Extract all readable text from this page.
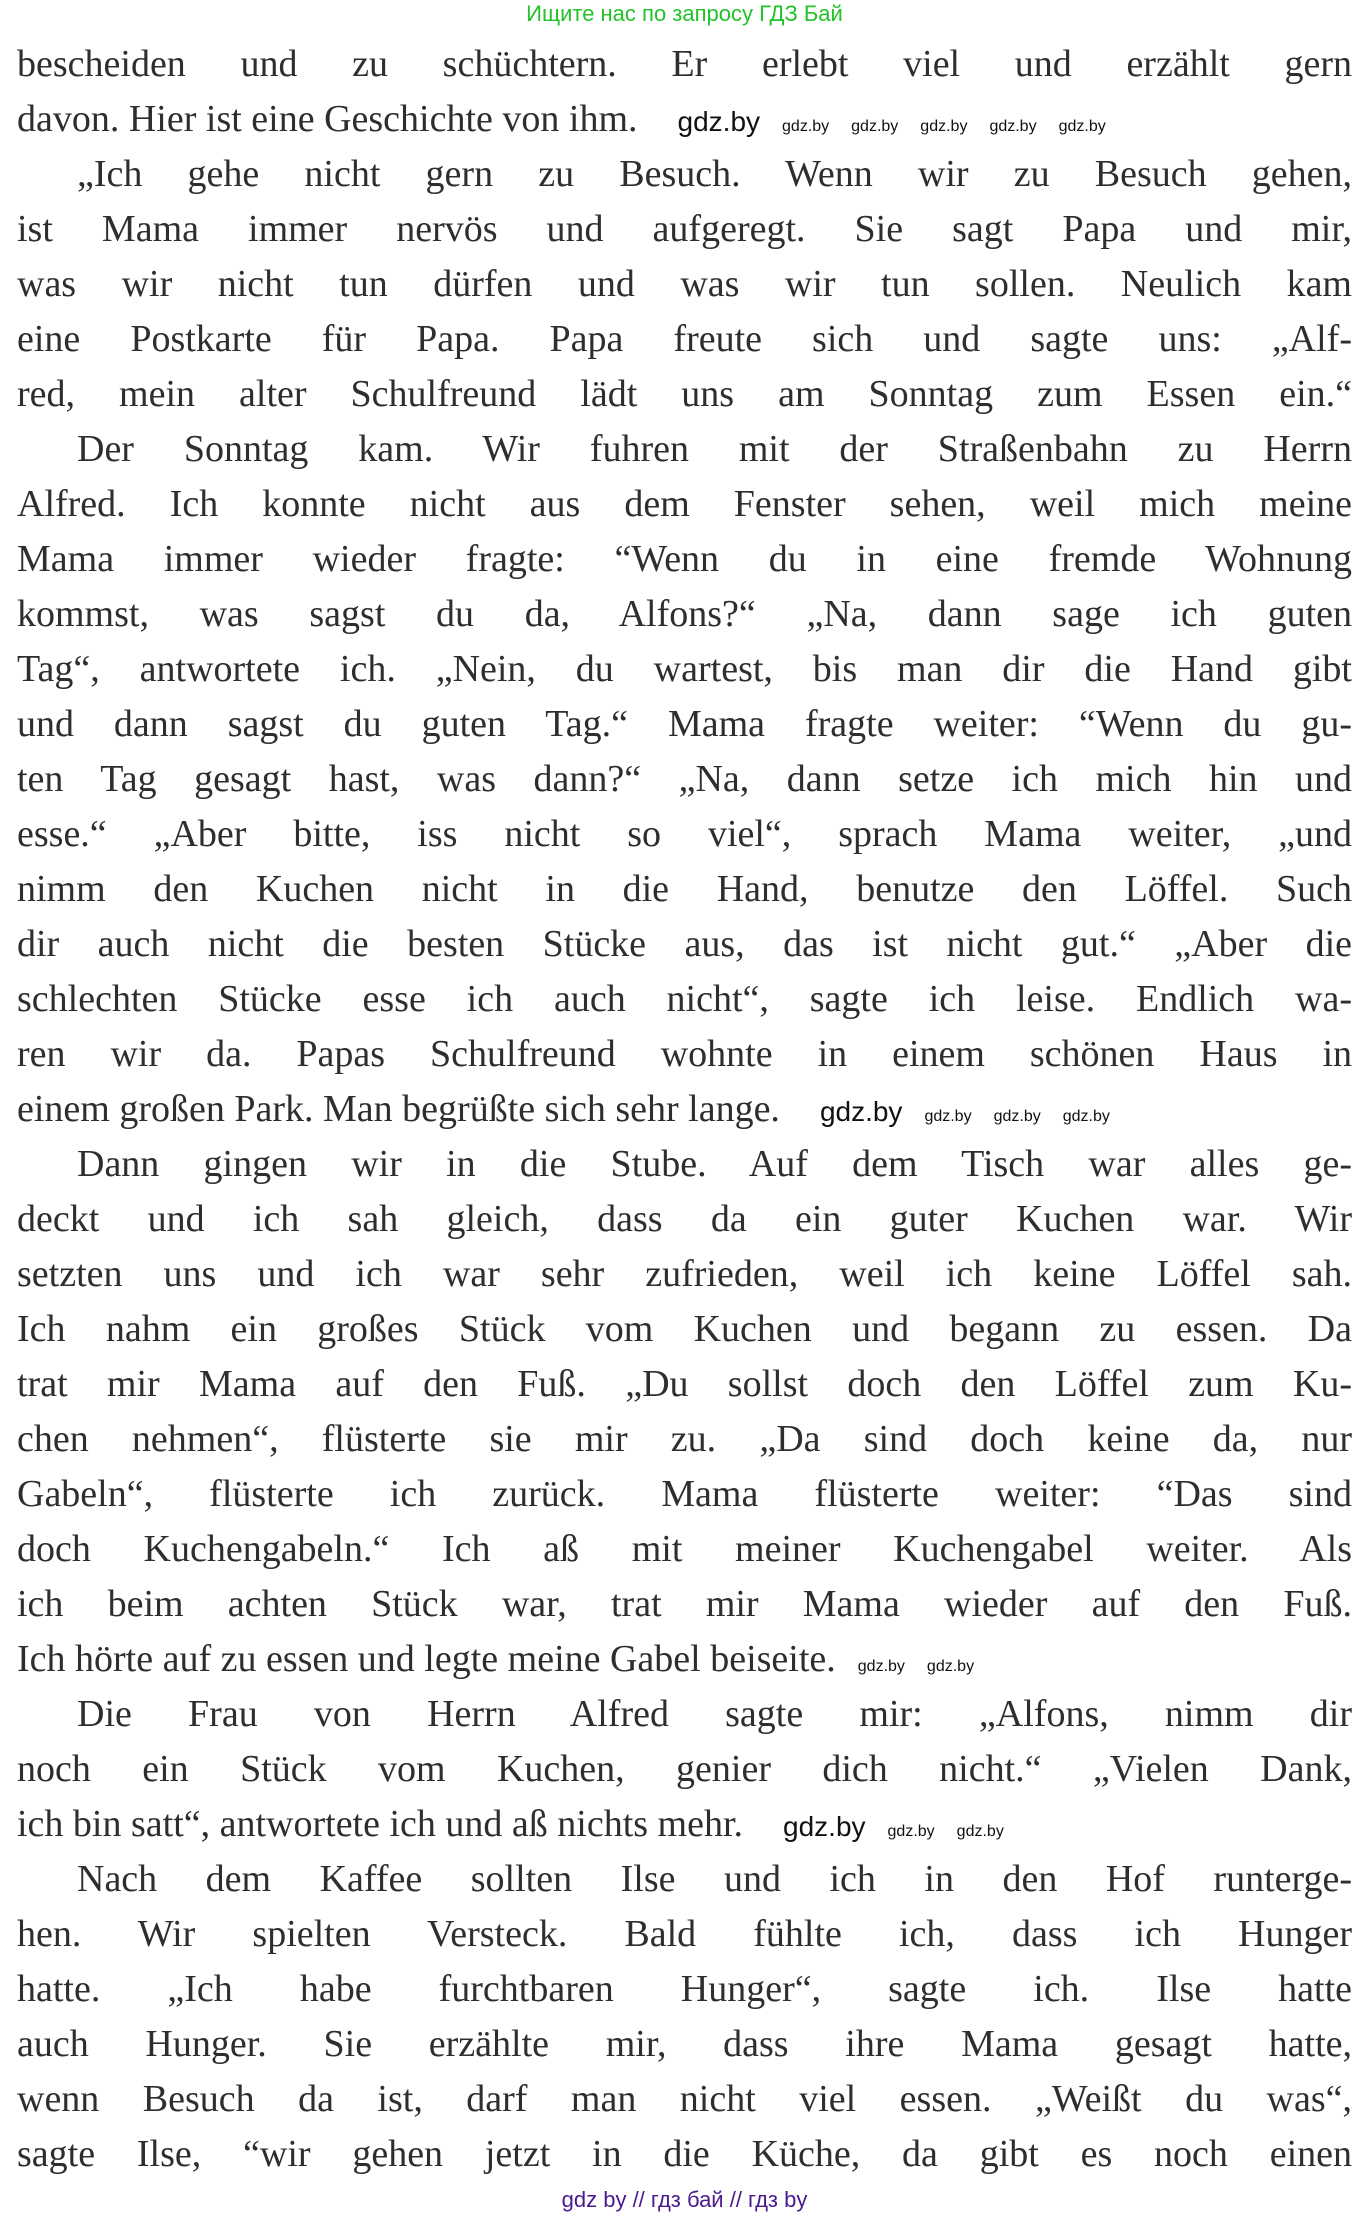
Ищите нас по запросу ГДЗ Бай
bescheiden und zu schüchtern. Er erlebt viel und erzählt gern
davon. Hier ist eine Geschichte von ihm. gdz.by gdz.by gdz.by gdz.by gdz.by gdz.by
„Ich gehe nicht gern zu Besuch. Wenn wir zu Besuch gehen,
ist Mama immer nervös und aufgeregt. Sie sagt Papa und mir,
was wir nicht tun dürfen und was wir tun sollen. Neulich kam
eine Postkarte für Papa. Papa freute sich und sagte uns: „Alf-
red, mein alter Schulfreund lädt uns am Sonntag zum Essen ein.“
Der Sonntag kam. Wir fuhren mit der Straßenbahn zu Herrn
Alfred. Ich konnte nicht aus dem Fenster sehen, weil mich meine
Mama immer wieder fragte: “Wenn du in eine fremde Wohnung
kommst, was sagst du da, Alfons?“ „Na, dann sage ich guten
Tag“, antwortete ich. „Nein, du wartest, bis man dir die Hand gibt
und dann sagst du guten Tag.“ Mama fragte weiter: “Wenn du gu-
ten Tag gesagt hast, was dann?“ „Na, dann setze ich mich hin und
esse.“ „Aber bitte, iss nicht so viel“, sprach Mama weiter, „und
nimm den Kuchen nicht in die Hand, benutze den Löffel. Such
dir auch nicht die besten Stücke aus, das ist nicht gut.“ „Aber die
schlechten Stücke esse ich auch nicht“, sagte ich leise. Endlich wa-
ren wir da. Papas Schulfreund wohnte in einem schönen Haus in
einem großen Park. Man begrüßte sich sehr lange. gdz.by gdz.by gdz.by gdz.by
Dann gingen wir in die Stube. Auf dem Tisch war alles ge-
deckt und ich sah gleich, dass da ein guter Kuchen war. Wir
setzten uns und ich war sehr zufrieden, weil ich keine Löffel sah.
Ich nahm ein großes Stück vom Kuchen und begann zu essen. Da
trat mir Mama auf den Fuß. „Du sollst doch den Löffel zum Ku-
chen nehmen“, flüsterte sie mir zu. „Da sind doch keine da, nur
Gabeln“, flüsterte ich zurück. Mama flüsterte weiter: “Das sind
doch Kuchengabeln.“ Ich aß mit meiner Kuchengabel weiter. Als
ich beim achten Stück war, trat mir Mama wieder auf den Fuß.
Ich hörte auf zu essen und legte meine Gabel beiseite. gdz.by gdz.by
Die Frau von Herrn Alfred sagte mir: „Alfons, nimm dir
noch ein Stück vom Kuchen, genier dich nicht.“ „Vielen Dank,
ich bin satt“, antwortete ich und aß nichts mehr. gdz.by gdz.by gdz.by
Nach dem Kaffee sollten Ilse und ich in den Hof runterge-
hen. Wir spielten Versteck. Bald fühlte ich, dass ich Hunger
hatte. „Ich habe furchtbaren Hunger“, sagte ich. Ilse hatte
auch Hunger. Sie erzählte mir, dass ihre Mama gesagt hatte,
wenn Besuch da ist, darf man nicht viel essen. „Weißt du was“,
sagte Ilse, “wir gehen jetzt in die Küche, da gibt es noch einen
gdz by // гдз бай // гдз by
